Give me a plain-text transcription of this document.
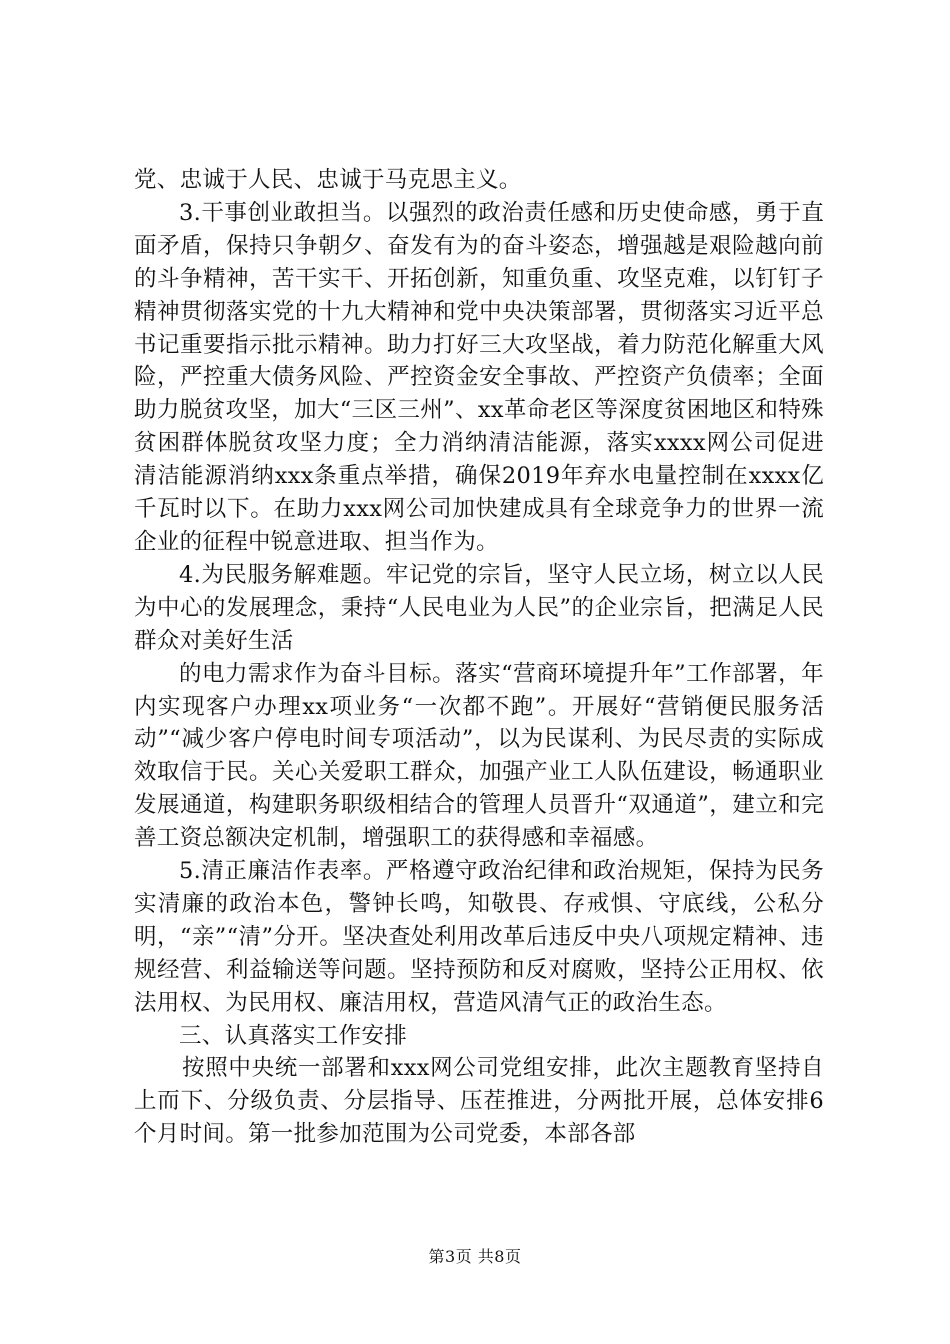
党、忠诚于人民、忠诚于马克思主义。

3.干事创业敢担当。以强烈的政治责任感和历史使命感，勇于直面矛盾，保持只争朝夕、奋发有为的奋斗姿态，增强越是艰险越向前的斗争精神，苦干实干、开拓创新，知重负重、攻坚克难，以钉钉子精神贯彻落实党的十九大精神和党中央决策部署，贯彻落实习近平总书记重要指示批示精神。助力打好三大攻坚战，着力防范化解重大风险，严控重大债务风险、严控资金安全事故、严控资产负债率；全面助力脱贫攻坚，加大“三区三州”、xx革命老区等深度贫困地区和特殊贫困群体脱贫攻坚力度；全力消纳清洁能源，落实xxxx网公司促进清洁能源消纳xxx条重点举措，确保2019年弃水电量控制在xxxx亿千瓦时以下。在助力xxx网公司加快建成具有全球竞争力的世界一流企业的征程中锐意进取、担当作为。

4.为民服务解难题。牢记党的宗旨，坚守人民立场，树立以人民为中心的发展理念，秉持“人民电业为人民”的企业宗旨，把满足人民群众对美好生活

的电力需求作为奋斗目标。落实“营商环境提升年”工作部署，年内实现客户办理xx项业务“一次都不跑”。开展好“营销便民服务活动”“减少客户停电时间专项活动”，以为民谋利、为民尽责的实际成效取信于民。关心关爱职工群众，加强产业工人队伍建设，畅通职业发展通道，构建职务职级相结合的管理人员晋升“双通道”，建立和完善工资总额决定机制，增强职工的获得感和幸福感。

5.清正廉洁作表率。严格遵守政治纪律和政治规矩，保持为民务实清廉的政治本色，警钟长鸣，知敬畏、存戒惧、守底线，公私分明，“亲”“清”分开。坚决查处利用改革后违反中央八项规定精神、违规经营、利益输送等问题。坚持预防和反对腐败，坚持公正用权、依法用权、为民用权、廉洁用权，营造风清气正的政治生态。

三、认真落实工作安排

按照中央统一部署和xxx网公司党组安排，此次主题教育坚持自上而下、分级负责、分层指导、压茬推进，分两批开展，总体安排6个月时间。第一批参加范围为公司党委，本部各部

第3页 共8页
